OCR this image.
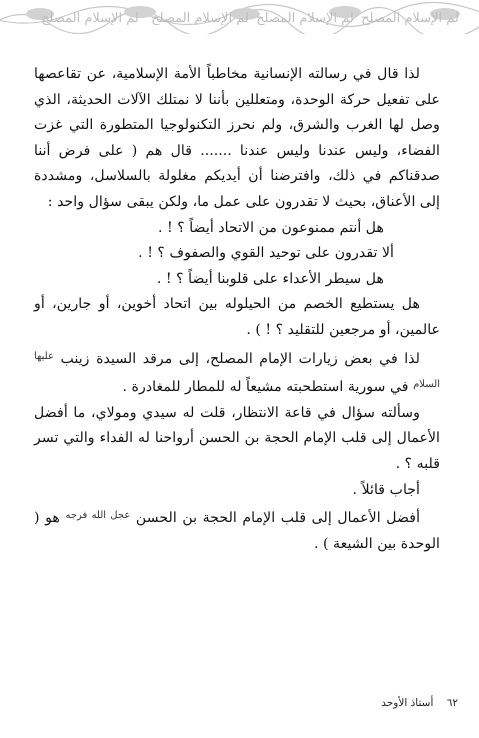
لم الإسلام المصلح لم الإسلام المصلح لم الإسلام المصلح لم الإسلام المصلح

لذا قال في رسالته الإنسانية مخاطباً الأمة الإسلامية، عن تقاعصها على تفعيل حركة الوحدة، ومتعللين بأننا لا نمتلك الآلات الحديثة، الذي وصل لها الغرب والشرق، ولم نحرز التكنولوجيا المتطورة التي غزت الفضاء، وليس عندنا وليس عندنا ....... قال هم ( على فرض أننا صدقناكم في ذلك، وافترضنا أن أيديكم مغلولة بالسلاسل، ومشددة إلى الأعناق، بحيث لا تقدرون على عمل ما، ولكن يبقى سؤال واحد :

هل أنتم ممنوعون من الاتحاد أيضاً ؟ ! .

ألا تقدرون على توحيد القوي والصفوف ؟ ! .

هل سيطر الأعداء على قلوبنا أيضاً ؟ ! .

هل يستطيع الخصم من الحيلوله بين اتحاد أخوين، أو جارين، أو عالمين، أو مرجعين للتقليد ؟ ! ) .

لذا في بعض زيارات الإمام المصلح، إلى مرقد السيدة زينب $^{عليها السلام}$ في سورية استطحبته مشيعاً له للمطار للمغادرة .

وسألته سؤال في قاعة الانتظار، قلت له سيدي ومولاي، ما أفضل الأعمال إلى قلب الإمام الحجة بن الحسن أرواحنا له الفداء والتي تسر قلبه ؟ .

أجاب قائلاً .

أفضل الأعمال إلى قلب الإمام الحجة بن الحسن $^{عجل الله فرجه}$ هو ( الوحدة بين الشيعة ) .

٦٢ أستاذ الأوحد
